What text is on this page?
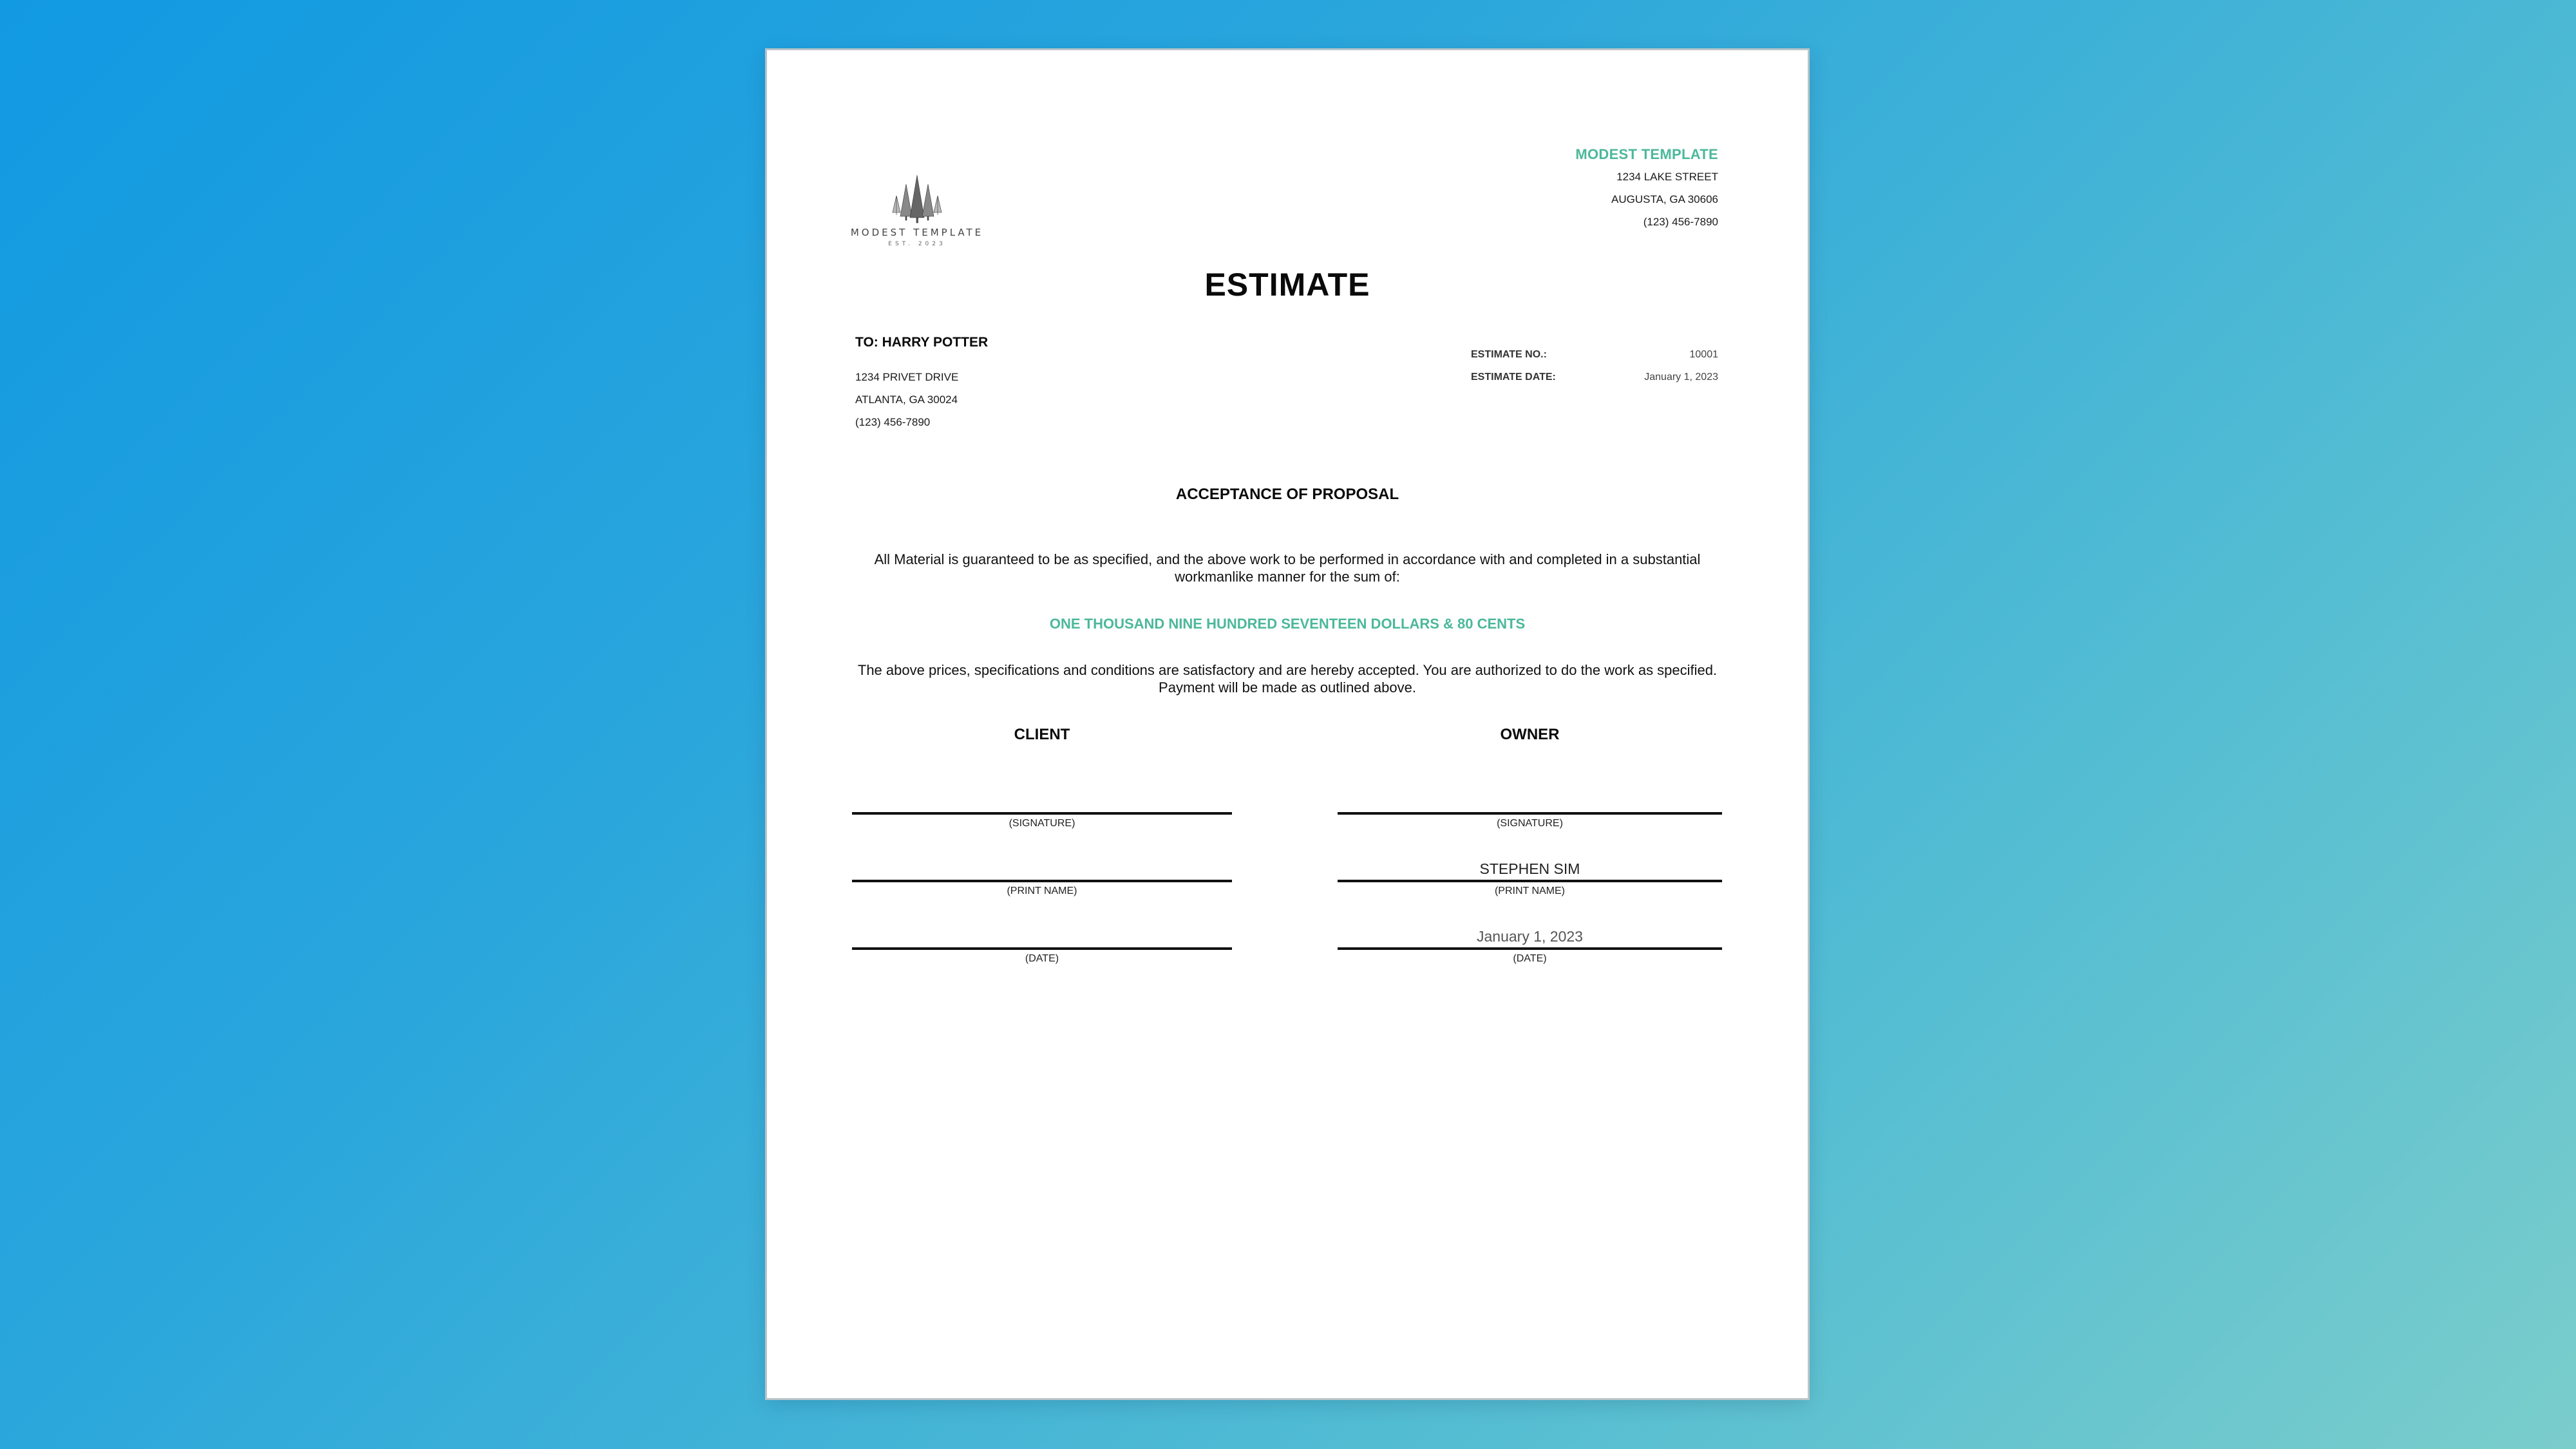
MODEST TEMPLATE
EST. 2023
MODEST TEMPLATE
1234 LAKE STREET
AUGUSTA, GA 30606
(123) 456-7890
ESTIMATE
TO: HARRY POTTER
1234 PRIVET DRIVE
ATLANTA, GA 30024
(123) 456-7890
ESTIMATE NO.:	10001
ESTIMATE DATE:	January 1, 2023
ACCEPTANCE OF PROPOSAL
All Material is guaranteed to be as specified, and the above work to be performed in accordance with and completed in a substantial workmanlike manner for the sum of:
ONE THOUSAND NINE HUNDRED SEVENTEEN DOLLARS & 80 CENTS
The above prices, specifications and conditions are satisfactory and are hereby accepted. You are authorized to do the work as specified. Payment will be made as outlined above.
CLIENT
(SIGNATURE)
(PRINT NAME)
(DATE)
OWNER
(SIGNATURE)
STEPHEN SIM
(PRINT NAME)
January 1, 2023
(DATE)
